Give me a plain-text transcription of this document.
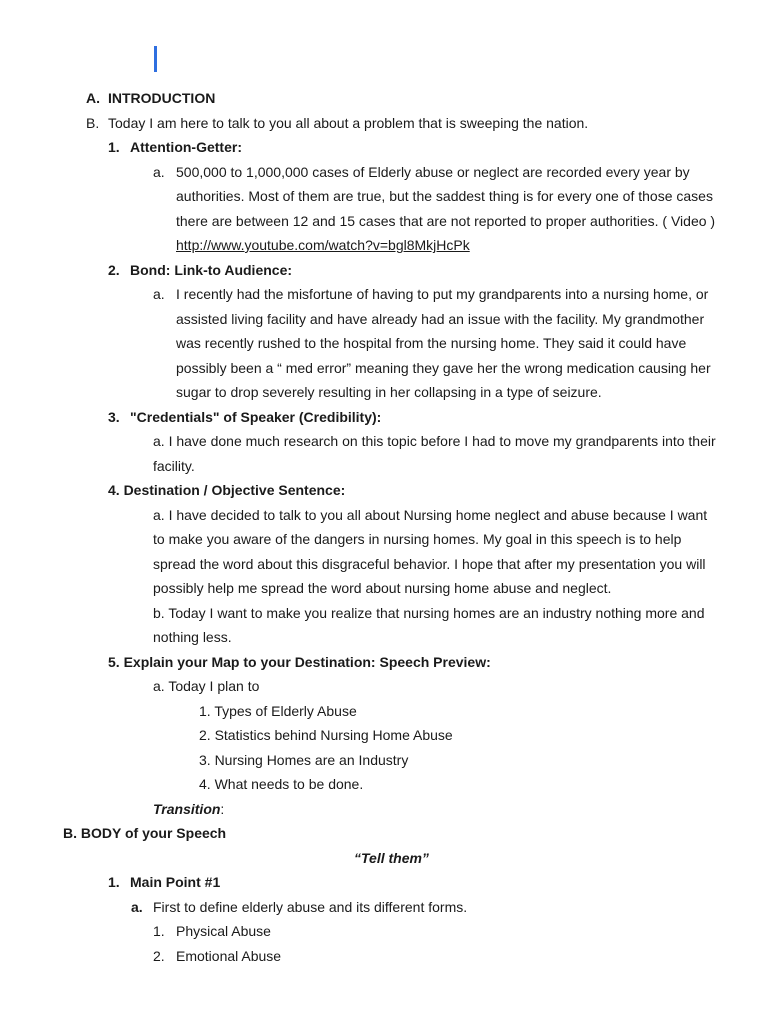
A. INTRODUCTION
B. Today I am here to talk to you all about a problem that is sweeping the nation.
1. Attention-Getter:
a. 500,000 to 1,000,000 cases of Elderly abuse or neglect are recorded every year by
authorities. Most of them are true, but the saddest thing is for every one of those cases
there are between 12 and 15 cases that are not reported to proper authorities. ( Video )
http://www.youtube.com/watch?v=bgl8MkjHcPk
2. Bond: Link-to Audience:
a. I recently had the misfortune of having to put my grandparents into a nursing home, or
assisted living facility and have already had an issue with the facility. My grandmother
was recently rushed to the hospital from the nursing home. They said it could have
possibly been a “ med error” meaning they gave her the wrong medication causing her
sugar to drop severely resulting in her collapsing in a type of seizure.
3. "Credentials" of Speaker (Credibility):
a. I have done much research on this topic before I had to move my grandparents into their
facility.
4. Destination / Objective Sentence:
a. I have decided to talk to you all about Nursing home neglect and abuse because I want
to make you aware of the dangers in nursing homes. My goal in this speech is to help
spread the word about this disgraceful behavior. I hope that after my presentation you will
possibly help me spread the word about nursing home abuse and neglect.
b. Today I want to make you realize that nursing homes are an industry nothing more and
nothing less.
5. Explain your Map to your Destination: Speech Preview:
a. Today I plan to
1. Types of Elderly Abuse
2. Statistics behind Nursing Home Abuse
3. Nursing Homes are an Industry
4. What needs to be done.
Transition:
B. BODY of your Speech
“Tell them”
1. Main Point #1
a. First to define elderly abuse and its different forms.
1. Physical Abuse
2. Emotional Abuse
